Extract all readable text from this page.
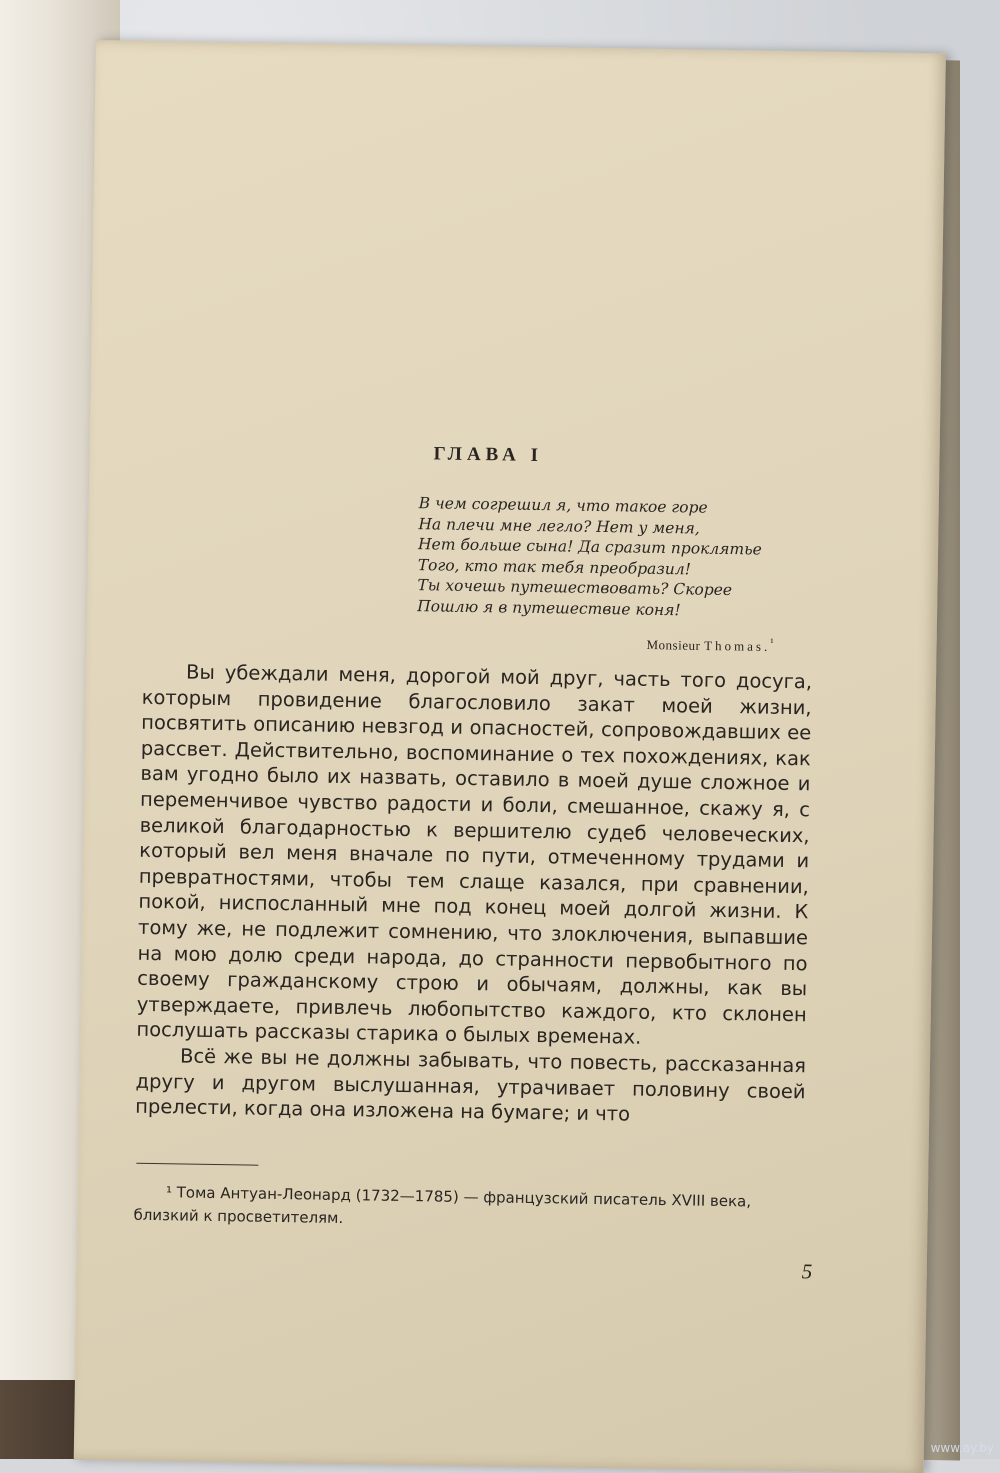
ГЛАВА I
В чем согрешил я, что такое горе
На плечи мне легло? Нет у меня,
Нет больше сына! Да сразит проклятье
Того, кто так тебя преобразил!
Ты хочешь путешествовать? Скорее
Пошлю я в путешествие коня!
Monsieur Thomas.$^{^1}$

Вы убеждали меня, дорогой мой друг, часть того досуга, которым провидение благословило закат моей жизни, посвятить описанию невзгод и опасностей, сопровождавших ее рассвет. Действительно, воспоминание о тех похождениях, как вам угодно было их назвать, оставило в моей душе сложное и переменчивое чувство радости и боли, смешанное, скажу я, с великой благодарностью к вершителю судеб человеческих, который вел меня вначале по пути, отмеченному трудами и превратностями, чтобы тем слаще казался, при сравнении, покой, ниспосланный мне под конец моей долгой жизни. К тому же, не подлежит сомнению, что злоключения, выпавшие на мою долю среди народа, до странности первобытного по своему гражданскому строю и обычаям, должны, как вы утверждаете, привлечь любопытство каждого, кто склонен послушать рассказы старика о былых временах.

Всё же вы не должны забывать, что повесть, рассказанная другу и другом выслушанная, утрачивает половину своей прелести, когда она изложена на бумаге; и что

¹ Тома Антуан-Леонард (1732—1785) — французский писатель XVIII века, близкий к просветителям.
5
www.ay.by
